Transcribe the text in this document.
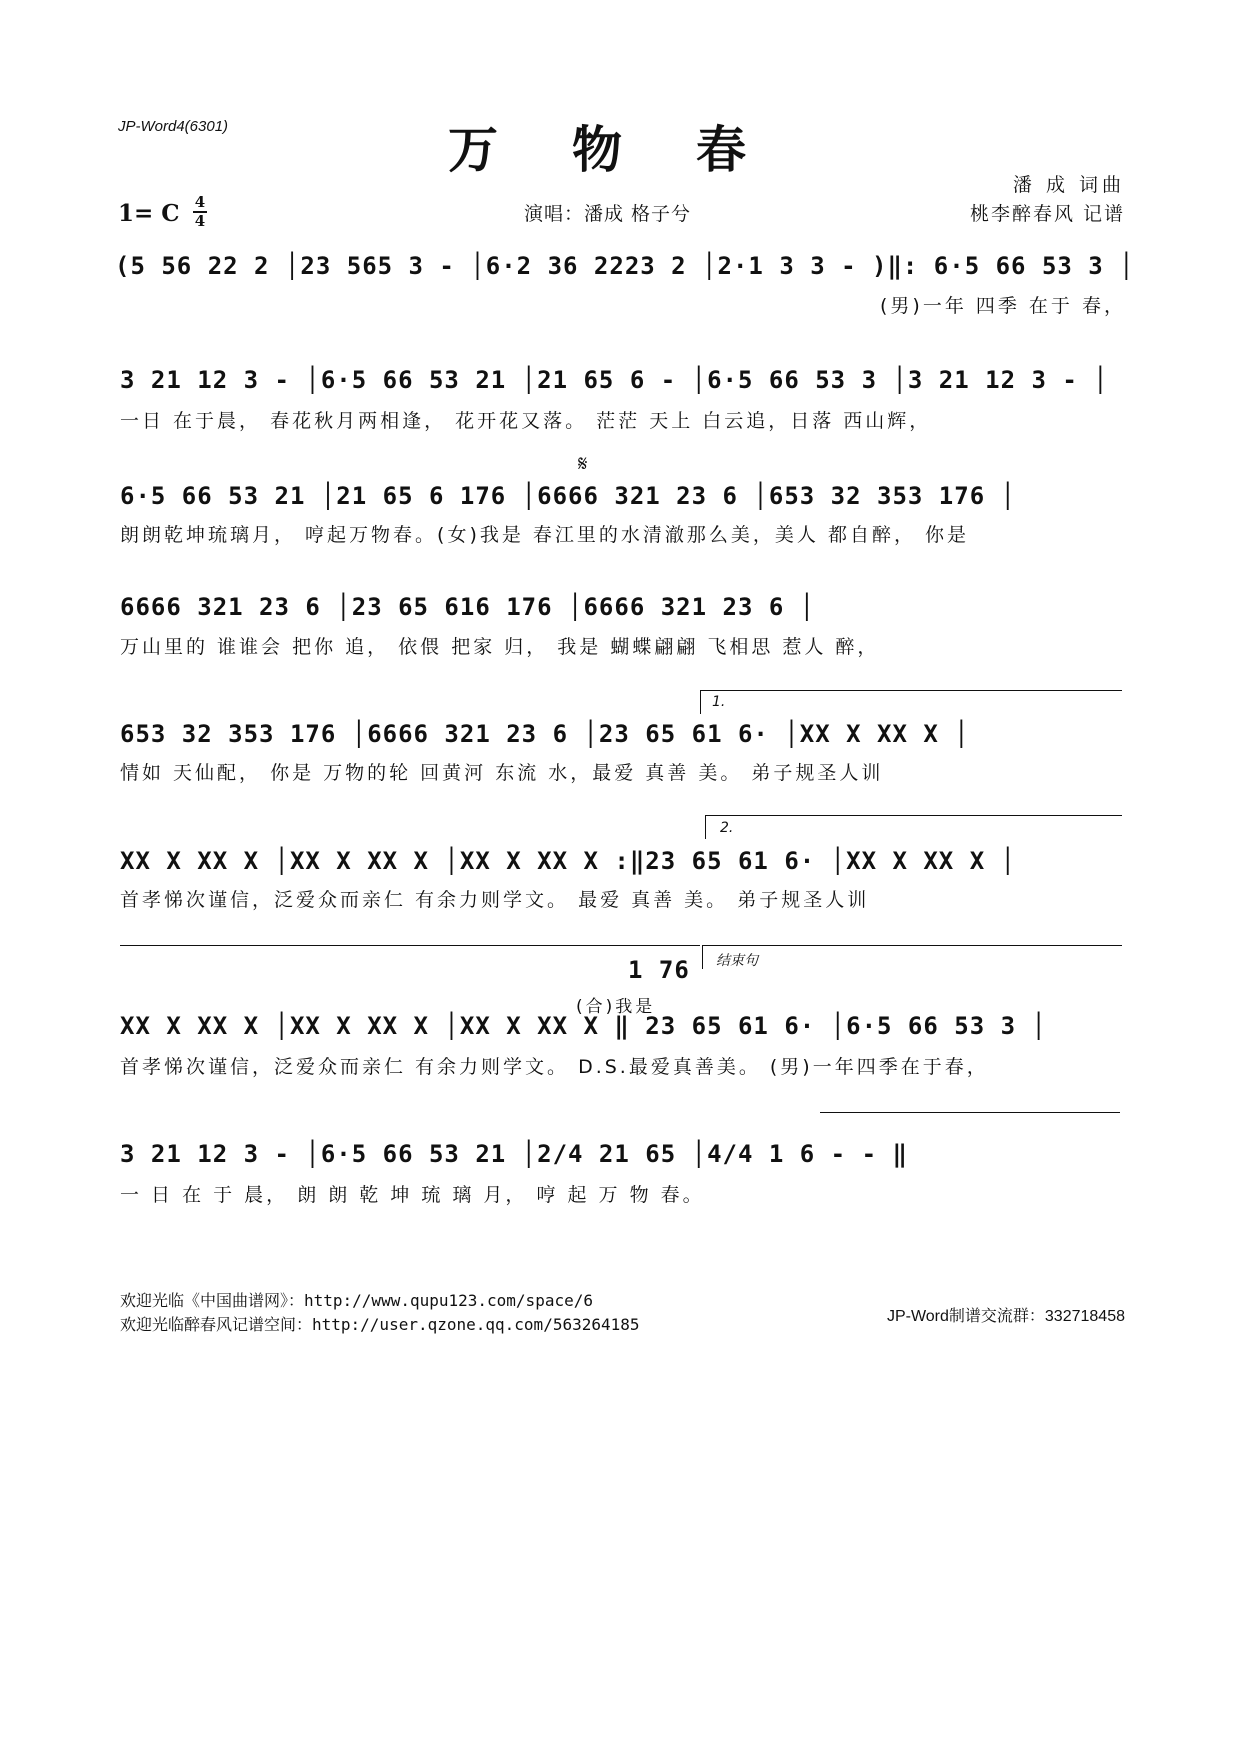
JP-Word4(6301)	万物春
潘 成 词曲
桃李醉春风 记谱
1= C 4
4	演唱：潘成 格子兮
(5 56 22 2 │23 565 3 - │6·2 36 2223 2 │2·1 3 3 - )‖: 6·5 66 53 3 │
(男)一年 四季 在于 春，
3 21 12 3 - │6·5 66 53 21 │21 65 6 - │6·5 66 53 3 │3 21 12 3 - │
一日 在于晨， 春花秋月两相逢， 花开花又落。 茫茫 天上 白云追，日落 西山辉，
𝄋
6·5 66 53 21 │21 65 6 176 │6666 321 23 6 │653 32 353 176 │
朗朗乾坤琉璃月， 哼起万物春。(女)我是 春江里的水清澈那么美，美人 都自醉， 你是
6666 321 23 6 │23 65 616 176 │6666 321 23 6 │
万山里的 谁谁会 把你 追， 依偎 把家 归， 我是 蝴蝶翩翩 飞相思 惹人 醉，
1.
653 32 353 176 │6666 321 23 6 │23 65 61 6· │XX X XX X │
情如 天仙配， 你是 万物的轮 回黄河 东流 水，最爱 真善 美。 弟子规圣人训
2.
XX X XX X │XX X XX X │XX X XX X :‖23 65 61 6· │XX X XX X │
首孝悌次谨信，泛爱众而亲仁 有余力则学文。 最爱 真善 美。 弟子规圣人训
结束句
1 76
(合)我是
XX X XX X │XX X XX X │XX X XX X ‖ 23 65 61 6· │6·5 66 53 3 │
首孝悌次谨信，泛爱众而亲仁 有余力则学文。 D.S.最爱真善美。 (男)一年四季在于春，
3 21 12 3 - │6·5 66 53 21 │2/4 21 65 │4/4 1 6 - - ‖
一 日 在 于 晨， 朗 朗 乾 坤 琉 璃 月， 哼 起 万 物 春。
欢迎光临《中国曲谱网》：http://www.qupu123.com/space/6
欢迎光临醉春风记谱空间：http://user.qzone.qq.com/563264185	JP-Word制谱交流群：332718458
